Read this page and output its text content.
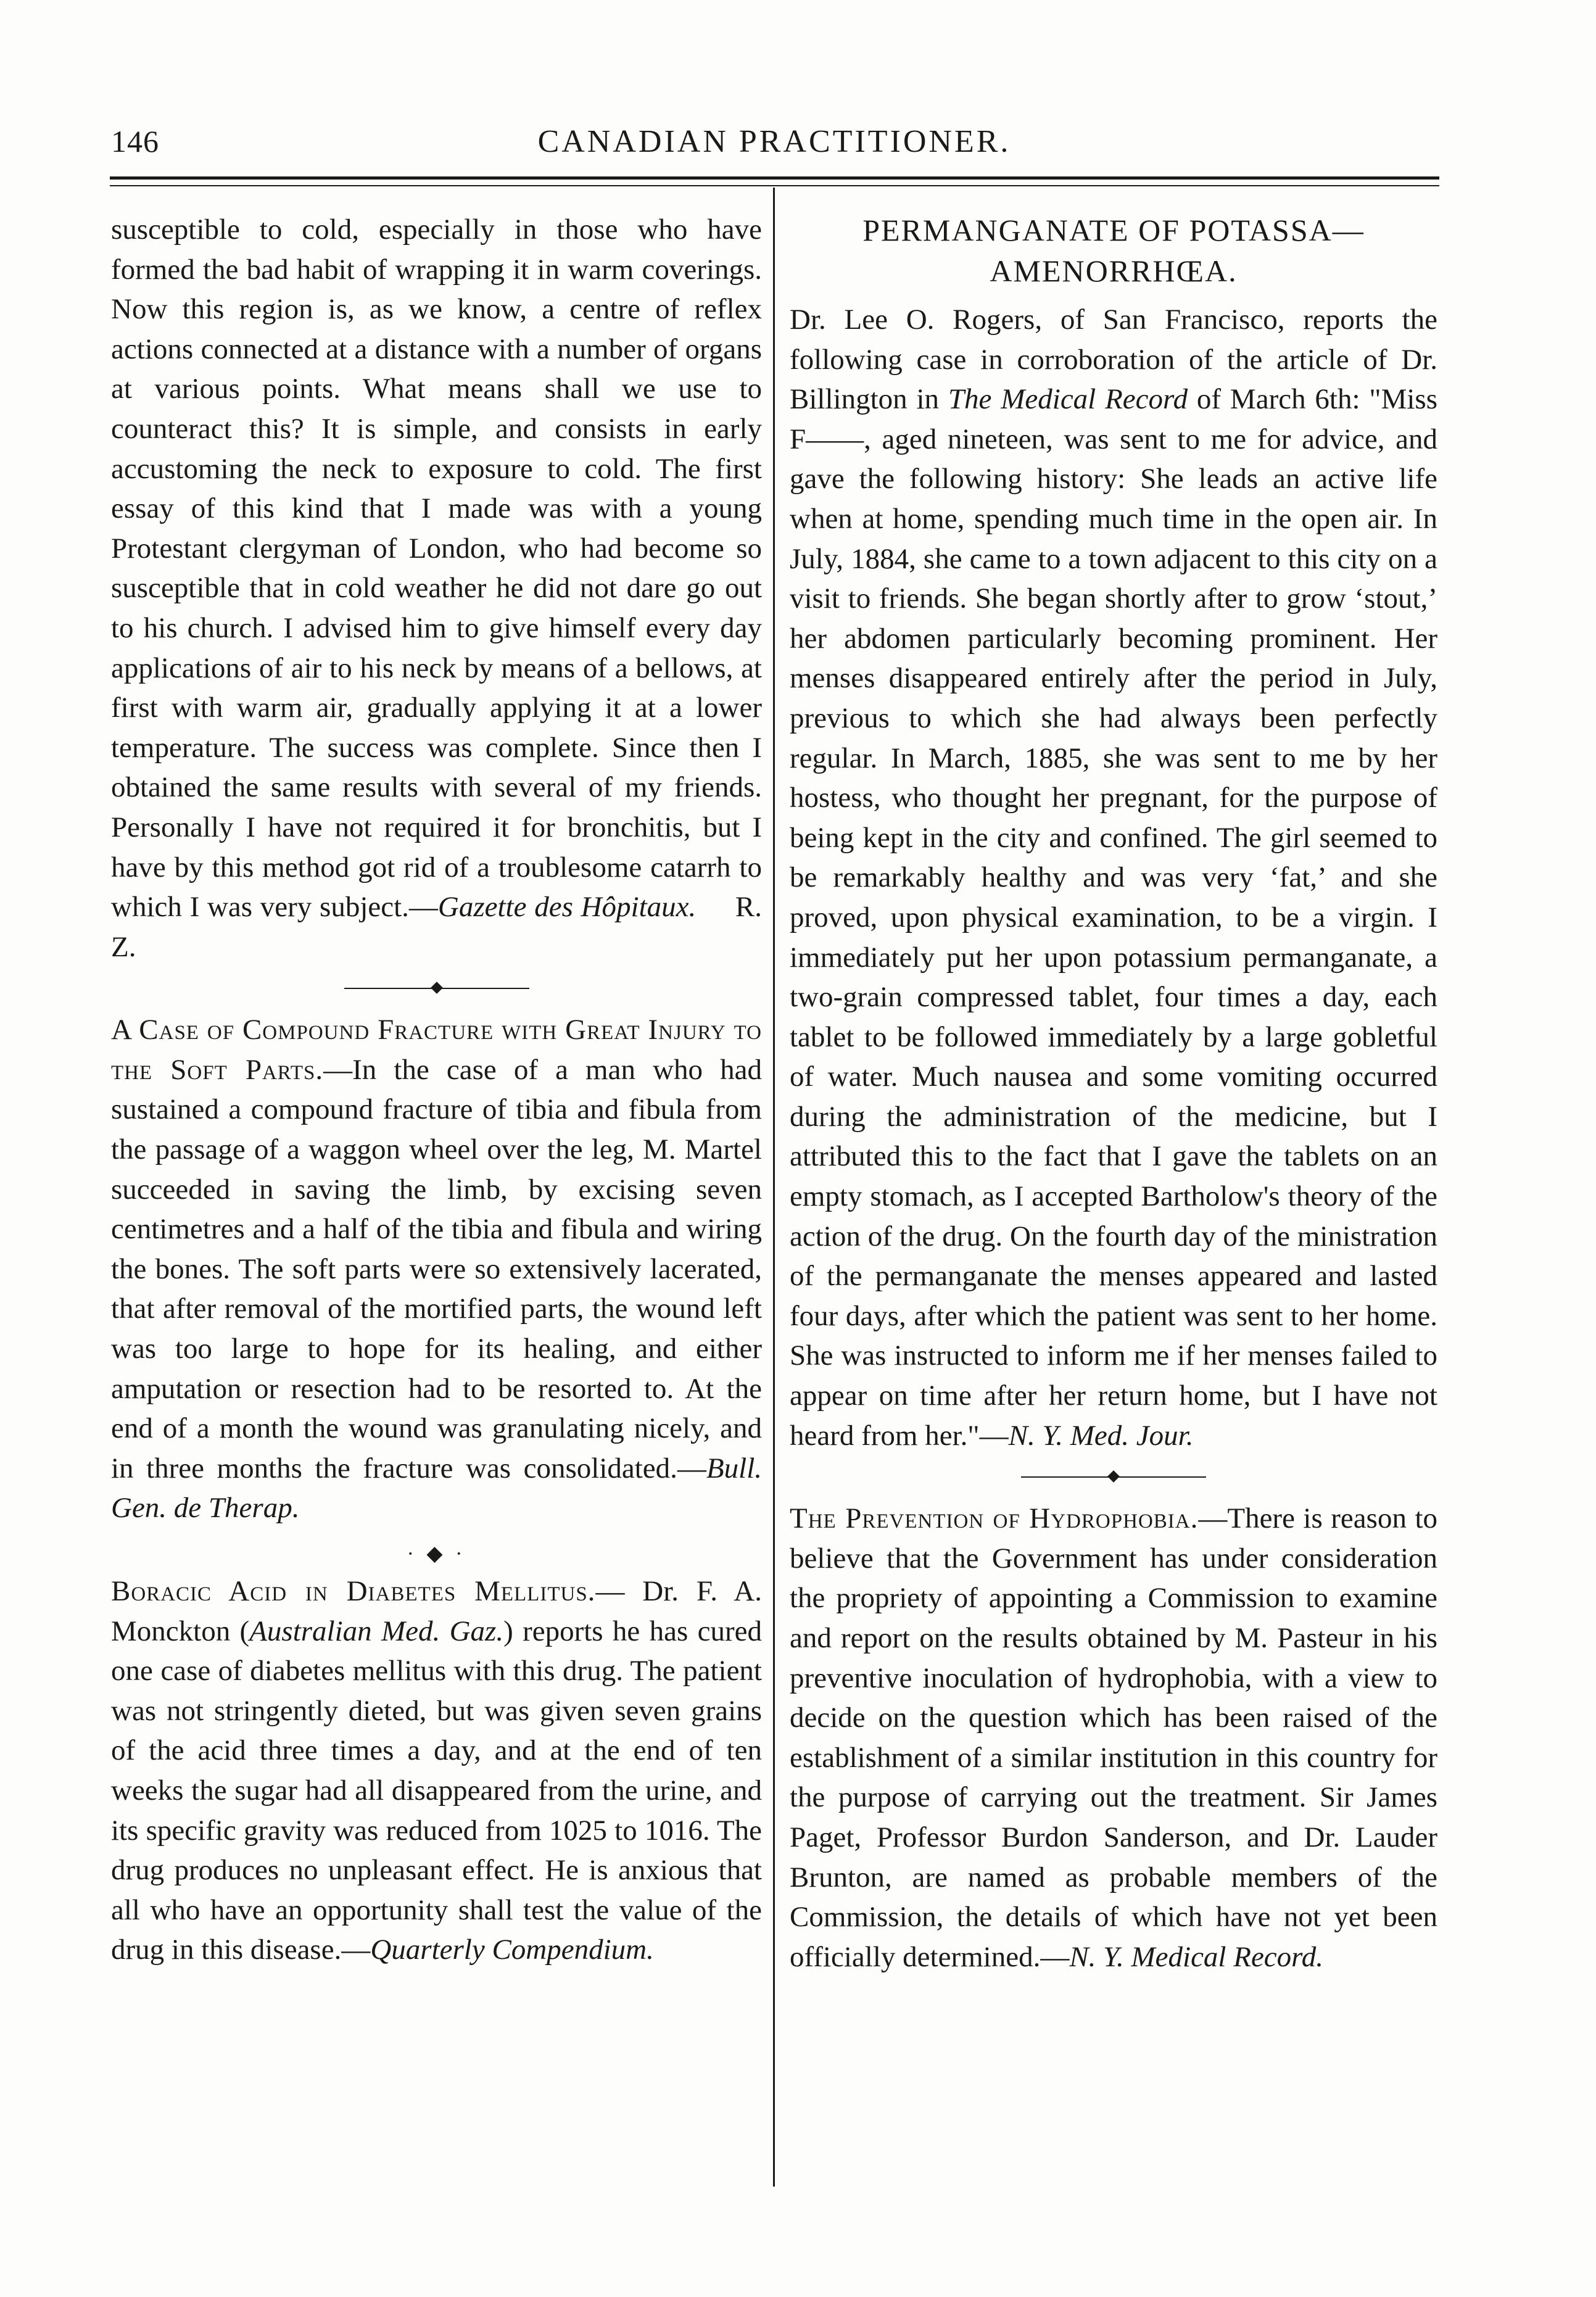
146	CANADIAN PRACTITIONER.

susceptible to cold, especially in those who have formed the bad habit of wrapping it in warm coverings. Now this region is, as we know, a centre of reflex actions connected at a distance with a number of organs at various points. What means shall we use to counteract this? It is simple, and consists in early accustoming the neck to exposure to cold. The first essay of this kind that I made was with a young Protestant clergyman of London, who had become so susceptible that in cold weather he did not dare go out to his church. I advised him to give himself every day applications of air to his neck by means of a bellows, at first with warm air, gradually applying it at a lower temperature. The success was complete. Since then I obtained the same results with several of my friends. Personally I have not required it for bronchitis, but I have by this method got rid of a troublesome catarrh to which I was very subject.—Gazette des Hôpitaux. R. Z.

A Case of Compound Fracture with Great Injury to the Soft Parts.—In the case of a man who had sustained a compound fracture of tibia and fibula from the passage of a waggon wheel over the leg, M. Martel succeeded in saving the limb, by excising seven centimetres and a half of the tibia and fibula and wiring the bones. The soft parts were so extensively lacerated, that after removal of the mortified parts, the wound left was too large to hope for its healing, and either amputation or resection had to be resorted to. At the end of a month the wound was granulating nicely, and in three months the fracture was consolidated.—Bull. Gen. de Therap.

· ◆ ·

Boracic Acid in Diabetes Mellitus.— Dr. F. A. Monckton (Australian Med. Gaz.) reports he has cured one case of diabetes mellitus with this drug. The patient was not stringently dieted, but was given seven grains of the acid three times a day, and at the end of ten weeks the sugar had all disappeared from the urine, and its specific gravity was reduced from 1025 to 1016. The drug produces no unpleasant effect. He is anxious that all who have an opportunity shall test the value of the drug in this disease.—Quarterly Compendium.

PERMANGANATE OF POTASSA—
AMENORRHŒA.

Dr. Lee O. Rogers, of San Francisco, reports the following case in corroboration of the article of Dr. Billington in The Medical Record of March 6th: "Miss F——, aged nineteen, was sent to me for advice, and gave the following history: She leads an active life when at home, spending much time in the open air. In July, 1884, she came to a town adjacent to this city on a visit to friends. She began shortly after to grow ‘stout,’ her abdomen particularly becoming prominent. Her menses disappeared entirely after the period in July, previous to which she had always been perfectly regular. In March, 1885, she was sent to me by her hostess, who thought her pregnant, for the purpose of being kept in the city and confined. The girl seemed to be remarkably healthy and was very ‘fat,’ and she proved, upon physical examination, to be a virgin. I immediately put her upon potassium permanganate, a two-grain compressed tablet, four times a day, each tablet to be followed immediately by a large gobletful of water. Much nausea and some vomiting occurred during the administration of the medicine, but I attributed this to the fact that I gave the tablets on an empty stomach, as I accepted Bartholow's theory of the action of the drug. On the fourth day of the ministration of the permanganate the menses appeared and lasted four days, after which the patient was sent to her home. She was instructed to inform me if her menses failed to appear on time after her return home, but I have not heard from her."—N. Y. Med. Jour.

The Prevention of Hydrophobia.—There is reason to believe that the Government has under consideration the propriety of appointing a Commission to examine and report on the results obtained by M. Pasteur in his preventive inoculation of hydrophobia, with a view to decide on the question which has been raised of the establishment of a similar institution in this country for the purpose of carrying out the treatment. Sir James Paget, Professor Burdon Sanderson, and Dr. Lauder Brunton, are named as probable members of the Commission, the details of which have not yet been officially determined.—N. Y. Medical Record.
